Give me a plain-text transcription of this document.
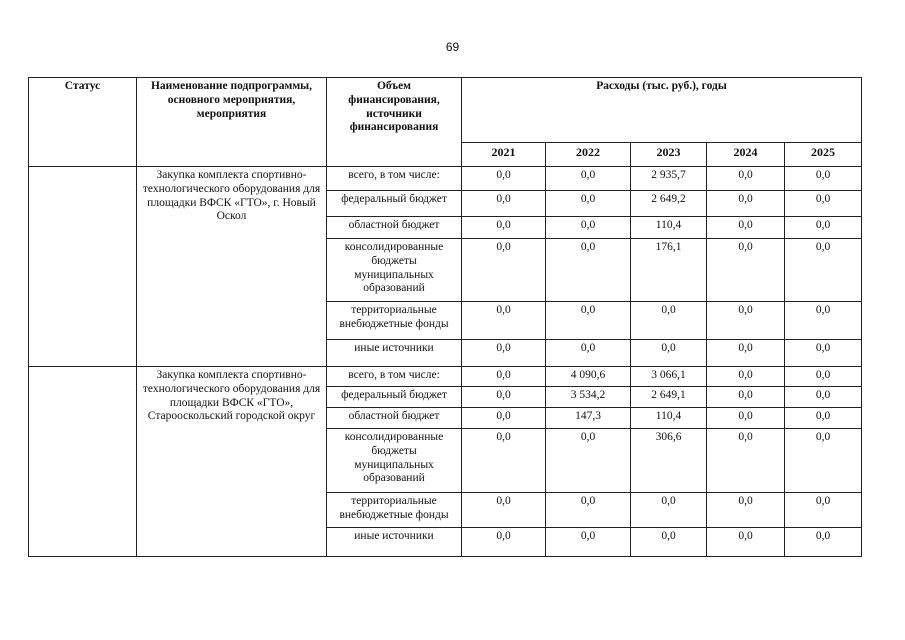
69
Статус	Наименование подпрограммы, основного мероприятия, мероприятия	Объем финансирования, источники финансирования	Расходы (тыс. руб.), годы				
			2021	2022	2023	2024	2025
	Закупка комплекта спортивно-технологического оборудования для площадки ВФСК «ГТО», г. Новый Оскол	всего, в том числе:	0,0	0,0	2 935,7	0,0	0,0
		федеральный бюджет	0,0	0,0	2 649,2	0,0	0,0
		областной бюджет	0,0	0,0	110,4	0,0	0,0
		консолидированные бюджеты муниципальных образований	0,0	0,0	176,1	0,0	0,0
		территориальные внебюджетные фонды	0,0	0,0	0,0	0,0	0,0
		иные источники	0,0	0,0	0,0	0,0	0,0
	Закупка комплекта спортивно-технологического оборудования для площадки ВФСК «ГТО», Старооскольский городской округ	всего, в том числе:	0,0	4 090,6	3 066,1	0,0	0,0
		федеральный бюджет	0,0	3 534,2	2 649,1	0,0	0,0
		областной бюджет	0,0	147,3	110,4	0,0	0,0
		консолидированные бюджеты муниципальных образований	0,0	0,0	306,6	0,0	0,0
		территориальные внебюджетные фонды	0,0	0,0	0,0	0,0	0,0
		иные источники	0,0	0,0	0,0	0,0	0,0
